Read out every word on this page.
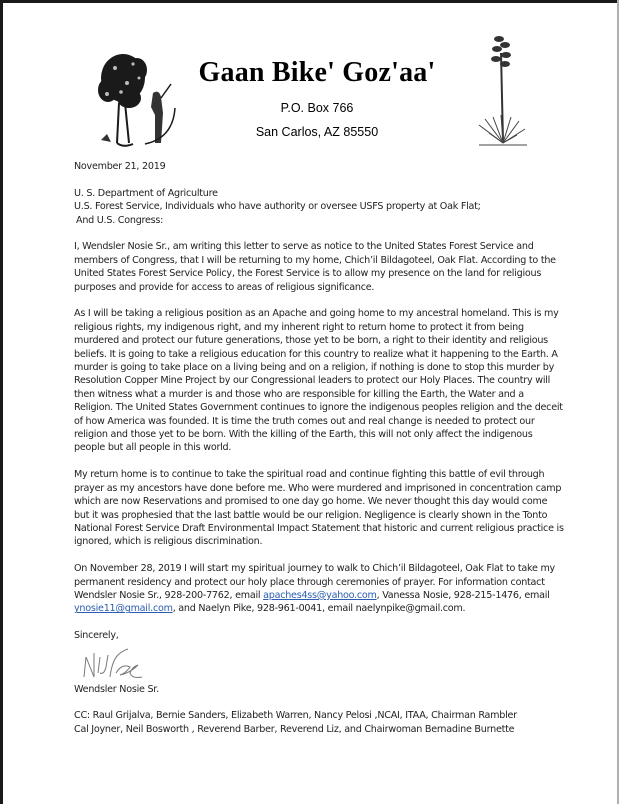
Gaan Bike' Goz'aa'
P.O. Box 766
San Carlos, AZ 85550

November 21, 2019

U. S. Department of Agriculture

U.S. Forest Service, Individuals who have authority or oversee USFS property at Oak Flat;

And U.S. Congress:

I, Wendsler Nosie Sr., am writing this letter to serve as notice to the United States Forest Service and members of Congress, that I will be returning to my home, Chich’il Bildagoteel, Oak Flat. According to the United States Forest Service Policy, the Forest Service is to allow my presence on the land for religious purposes and provide for access to areas of religious significance.

As I will be taking a religious position as an Apache and going home to my ancestral homeland. This is my religious rights, my indigenous right, and my inherent right to return home to protect it from being murdered and protect our future generations, those yet to be born, a right to their identity and religious beliefs. It is going to take a religious education for this country to realize what it happening to the Earth. A murder is going to take place on a living being and on a religion, if nothing is done to stop this murder by Resolution Copper Mine Project by our Congressional leaders to protect our Holy Places. The country will then witness what a murder is and those who are responsible for killing the Earth, the Water and a Religion. The United States Government continues to ignore the indigenous peoples religion and the deceit of how America was founded. It is time the truth comes out and real change is needed to protect our religion and those yet to be born. With the killing of the Earth, this will not only affect the indigenous people but all people in this world.

My return home is to continue to take the spiritual road and continue fighting this battle of evil through prayer as my ancestors have done before me. Who were murdered and imprisoned in concentration camp which are now Reservations and promised to one day go home. We never thought this day would come but it was prophesied that the last battle would be our religion. Negligence is clearly shown in the Tonto National Forest Service Draft Environmental Impact Statement that historic and current religious practice is ignored, which is religious discrimination.

On November 28, 2019 I will start my spiritual journey to walk to Chich’il Bildagoteel, Oak Flat to take my permanent residency and protect our holy place through ceremonies of prayer. For information contact Wendsler Nosie Sr., 928-200-7762, email apaches4ss@yahoo.com, Vanessa Nosie, 928-215-1476, email ynosie11@gmail.com, and Naelyn Pike, 928-961-0041, email naelynpike@gmail.com.

Sincerely,

Wendsler Nosie Sr.

CC: Raul Grijalva, Bernie Sanders, Elizabeth Warren, Nancy Pelosi ,NCAI, ITAA, Chairman Rambler

Cal Joyner, Neil Bosworth , Reverend Barber, Reverend Liz, and Chairwoman Bernadine Burnette
